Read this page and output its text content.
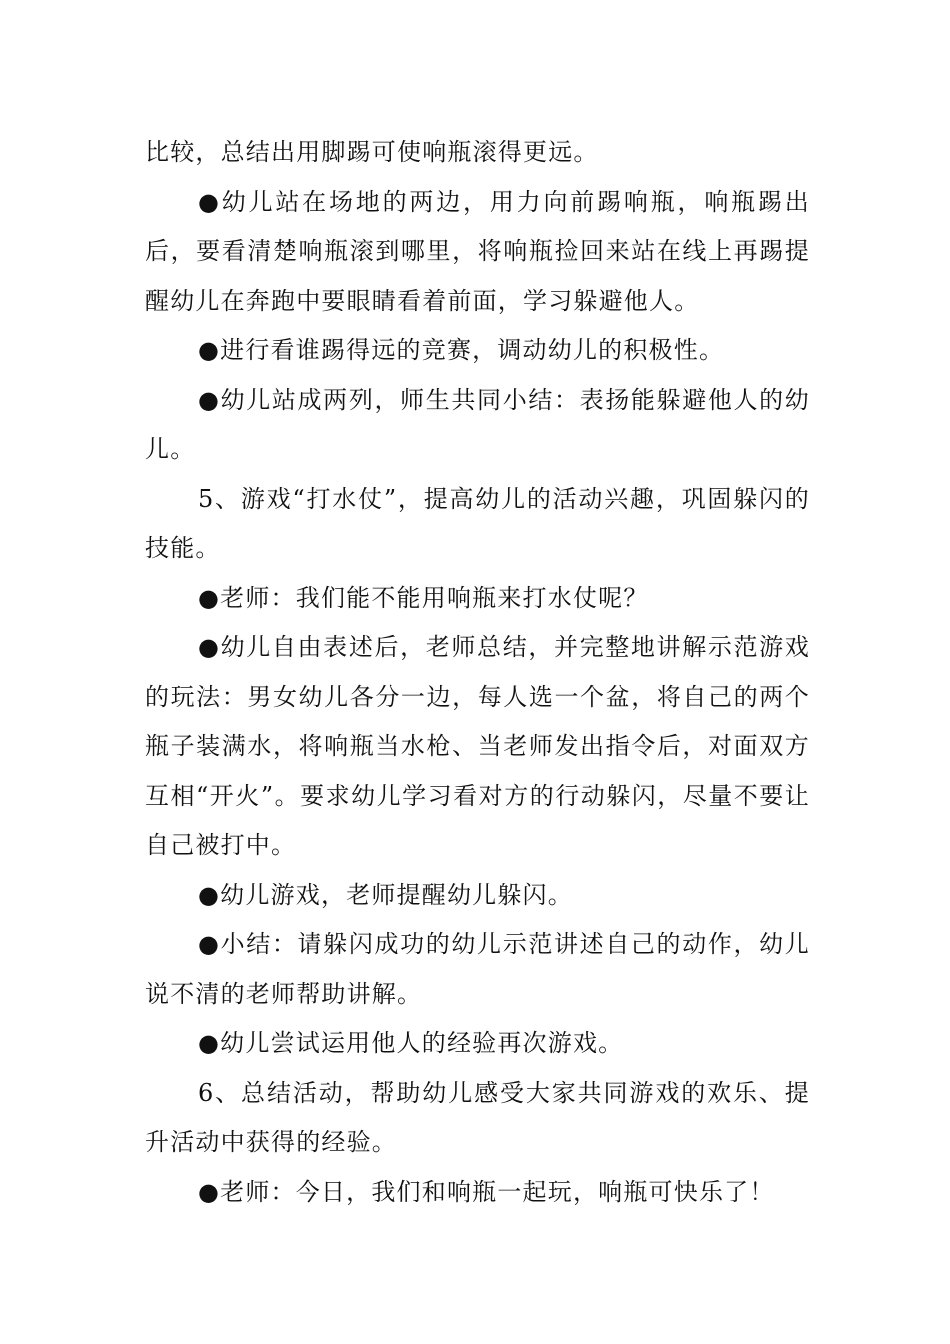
比较，总结出用脚踢可使响瓶滚得更远。

●幼儿站在场地的两边，用力向前踢响瓶，响瓶踢出后，要看清楚响瓶滚到哪里，将响瓶捡回来站在线上再踢提醒幼儿在奔跑中要眼睛看着前面，学习躲避他人。

●进行看谁踢得远的竞赛，调动幼儿的积极性。

●幼儿站成两列，师生共同小结：表扬能躲避他人的幼儿。

5、游戏“打水仗”，提高幼儿的活动兴趣，巩固躲闪的技能。

●老师：我们能不能用响瓶来打水仗呢？

●幼儿自由表述后，老师总结，并完整地讲解示范游戏的玩法：男女幼儿各分一边，每人选一个盆，将自己的两个瓶子装满水，将响瓶当水枪、当老师发出指令后，对面双方互相“开火”。要求幼儿学习看对方的行动躲闪，尽量不要让自己被打中。

●幼儿游戏，老师提醒幼儿躲闪。

●小结：请躲闪成功的幼儿示范讲述自己的动作，幼儿说不清的老师帮助讲解。

●幼儿尝试运用他人的经验再次游戏。

6、总结活动，帮助幼儿感受大家共同游戏的欢乐、提升活动中获得的经验。

●老师：今日，我们和响瓶一起玩，响瓶可快乐了！
